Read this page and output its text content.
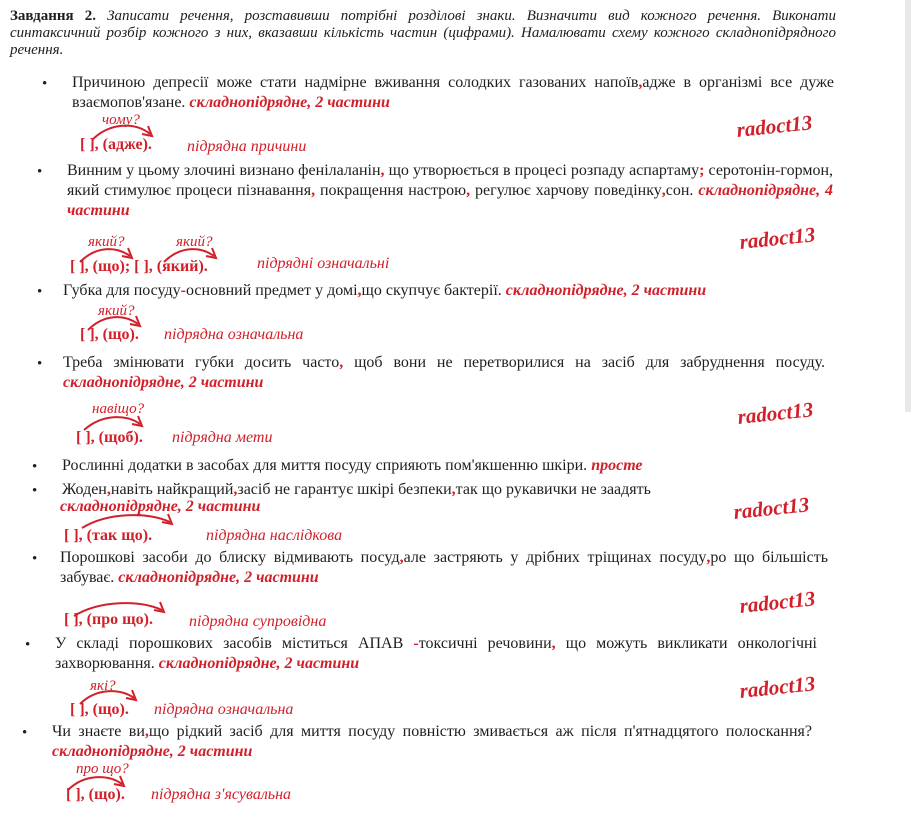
Завдання 2. Записати речення, розставивши потрібні розділові знаки. Визначити вид кожного речення. Виконати синтаксичний розбір кожного з них, вказавши кількість частин (цифрами). Намалювати схему кожного складнопідрядного речення.
• Причиною депресії може стати надмірне вживання солодких газованих напоїв,адже в організмі все дуже взаємопов'язане. складнопідрядне, 2 частини
чому?
[ ], (адже). підрядна причини
radoct13
• Винним у цьому злочині визнано фенілаланін, що утворюється в процесі розпаду аспартаму; серотонін-гормон, який стимулює процеси пізнавання, покращення настрою, регулює харчову поведінку,сон. складнопідрядне, 4 частини
який?	який?
[ ], (що); [ ], (який).	підрядні означальні
radoct13
• Губка для посуду-основний предмет у домі,що скупчує бактерії. складнопідрядне, 2 частини
який?
[ ], (що). підрядна означальна
• Треба змінювати губки досить часто, щоб вони не перетворилися на засіб для забруднення посуду. складнопідрядне, 2 частини
навіщо?
[ ], (щоб). підрядна мети
radoct13
• Рослинні додатки в засобах для миття посуду сприяють пом'якшенню шкіри. просте
• Жоден,навіть найкращий,засіб не гарантує шкірі безпеки,так що рукавички не заадять
складнопідрядне, 2 частини
[ ], (так що).	підрядна наслідкова
radoct13
• Порошкові засоби до блиску відмивають посуд,але застряють у дрібних тріщинах посуду,ро що більшість забуває. складнопідрядне, 2 частини
[ ], (про що). підрядна супровідна
radoct13
• У складі порошкових засобів міститься АПАВ -токсичні речовини, що можуть викликати онкологічні захворювання. складнопідрядне, 2 частини
які?
[ ], (що). підрядна означальна
radoct13
• Чи знаєте ви,що рідкий засіб для миття посуду повністю змивається аж після п'ятнадцятого полоскання? складнопідрядне, 2 частини
про що?
[ ], (що). підрядна з'ясувальна
